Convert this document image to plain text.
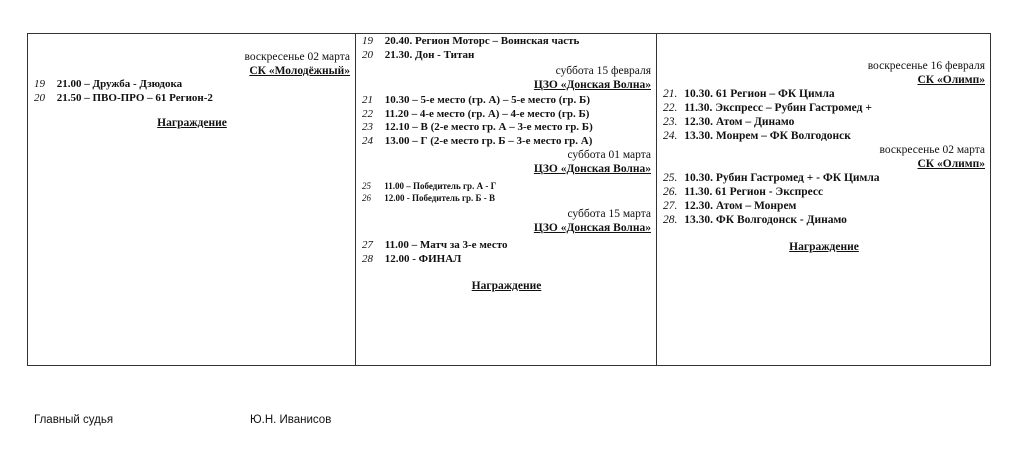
воскресенье 02 марта
СК «Молодёжный»
19 21.00 – Дружба - Дзюдока
20 21.50 – ПВО-ПРО – 61 Регион-2
Награждение
19 20.40. Регион Моторс – Воинская часть
20 21.30. Дон - Титан
суббота 15 февраля
ЦЗО «Донская Волна»
21 10.30 – 5-е место (гр. А) – 5-е место (гр. Б)
22 11.20 – 4-е место (гр. А) – 4-е место (гр. Б)
23 12.10 – В (2-е место гр. А – 3-е место гр. Б)
24 13.00 – Г (2-е место гр. Б – 3-е место гр. А)
суббота 01 марта
ЦЗО «Донская Волна»
25 11.00 – Победитель гр. А - Г
26 12.00 - Победитель гр. Б - В
суббота 15 марта
ЦЗО «Донская Волна»
27 11.00 – Матч за 3-е место
28 12.00 - ФИНАЛ
Награждение
воскресенье 16 февраля
СК «Олимп»
21. 10.30. 61 Регион – ФК Цимла
22. 11.30. Экспресс – Рубин Гастромед +
23. 12.30. Атом – Динамо
24. 13.30. Монрем – ФК Волгодонск
воскресенье 02 марта
СК «Олимп»
25. 10.30. Рубин Гастромед + - ФК Цимла
26. 11.30. 61 Регион - Экспресс
27. 12.30. Атом – Монрем
28. 13.30. ФК Волгодонск - Динамо
Награждение
Главный судья	Ю.Н. Иванисов
